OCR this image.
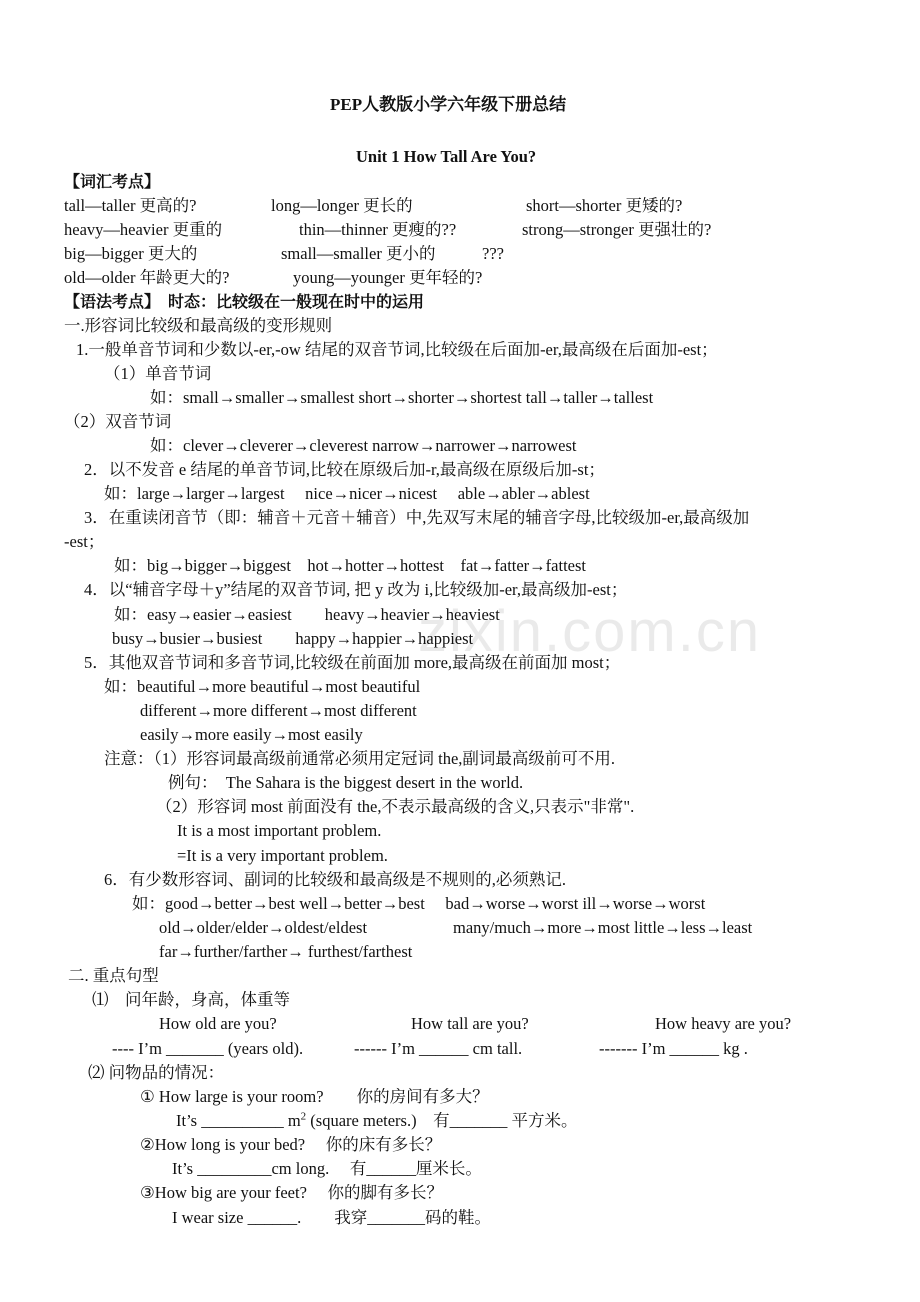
zixin.com.cn
PEP人教版小学六年级下册总结
Unit 1 How Tall Are You?
【词汇考点】
tall—taller 更高的?	long—longer 更长的	short—shorter 更矮的?
heavy—heavier 更重的	thin—thinner 更瘦的??	strong—stronger 更强壮的?
big—bigger 更大的	small—smaller 更小的	???
old—older 年龄更大的?	young—younger 更年轻的?
【语法考点】　时态：比较级在一般现在时中的运用
一.形容词比较级和最高级的变形规则
1.一般单音节词和少数以-er,-ow 结尾的双音节词,比较级在后面加-er,最高级在后面加-est；
（1）单音节词
如：small→smaller→smallest short→shorter→shortest tall→taller→tallest
（2）双音节词
如：clever→cleverer→cleverest narrow→narrower→narrowest
2．以不发音 e 结尾的单音节词,比较在原级后加-r,最高级在原级后加-st；
如：large→larger→largest　 nice→nicer→nicest　 able→abler→ablest
3．在重读闭音节（即：辅音＋元音＋辅音）中,先双写末尾的辅音字母,比较级加-er,最高级加
-est；
如：big→bigger→biggest　hot→hotter→hottest　fat→fatter→fattest
4．以“辅音字母＋y”结尾的双音节词, 把 y 改为 i,比较级加-er,最高级加-est；
如：easy→easier→easiest　　heavy→heavier→heaviest
busy→busier→busiest　　happy→happier→happiest
5．其他双音节词和多音节词,比较级在前面加 more,最高级在前面加 most；
如：beautiful→more beautiful→most beautiful
different→more different→most different
easily→more easily→most easily
注意：（1）形容词最高级前通常必须用定冠词 the,副词最高级前可不用.
例句：　The Sahara is the biggest desert in the world.
（2）形容词 most 前面没有 the,不表示最高级的含义,只表示"非常".
It is a most important problem.
=It is a very important problem.
6．有少数形容词、副词的比较级和最高级是不规则的,必须熟记.
如：good→better→best well→better→best　 bad→worse→worst ill→worse→worst
old→older/elder→oldest/eldest	many/much→more→most little→less→least
far→further/farther→ furthest/farthest
二. 重点句型
⑴　问年龄，身高，体重等
How old are you?	How tall are you?	How heavy are you?
---- I’m _______ (years old).	------ I’m ______ cm tall.	------- I’m ______ kg .
⑵ 问物品的情况：
① How large is your room?　　你的房间有多大？
It’s __________ $m^2$ (square meters.)　有_______ 平方米。
②How long is your bed?　 你的床有多长？
It’s _________cm long.　 有______厘米长。
③How big are your feet?　 你的脚有多长？
I wear size ______.　　我穿_______码的鞋。
